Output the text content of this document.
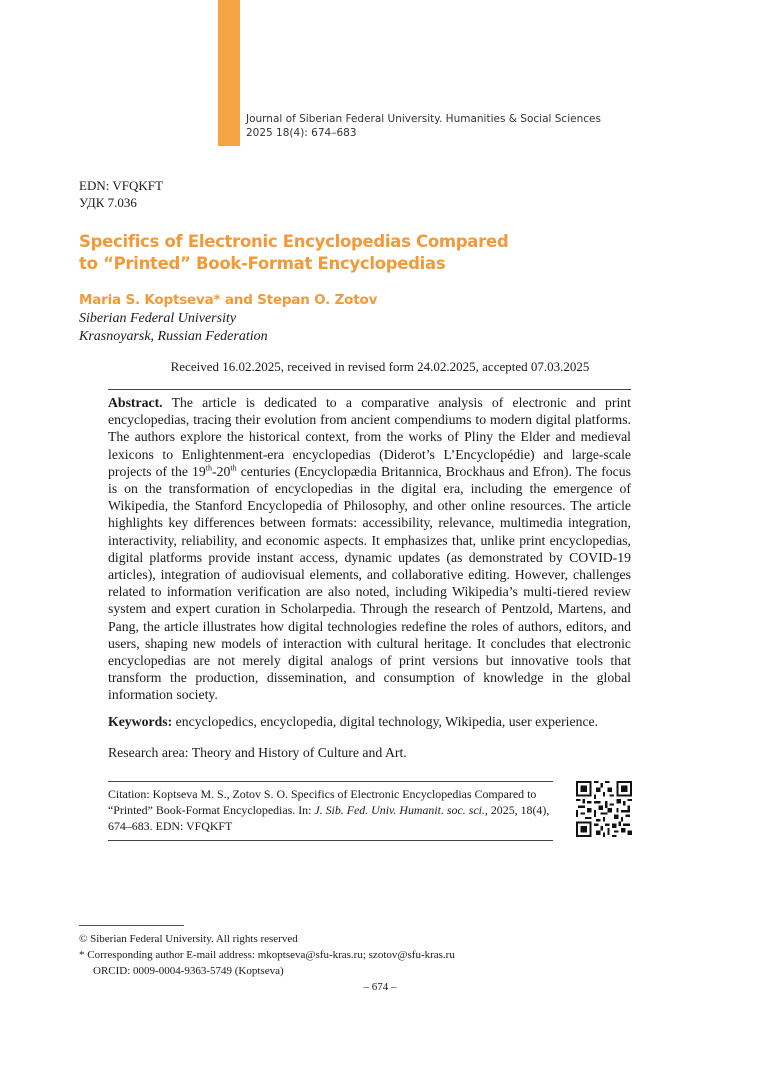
Journal of Siberian Federal University. Humanities & Social Sciences
2025 18(4): 674–683
EDN: VFQKFT
УДК 7.036
Specifics of Electronic Encyclopedias Compared
to “Printed” Book-Format Encyclopedias
Maria S. Koptseva* and Stepan O. Zotov
Siberian Federal University
Krasnoyarsk, Russian Federation
Received 16.02.2025, received in revised form 24.02.2025, accepted 07.03.2025
Abstract. The article is dedicated to a comparative analysis of electronic and print encyclopedias, tracing their evolution from ancient compendiums to modern digital platforms. The authors explore the historical context, from the works of Pliny the Elder and medieval lexicons to Enlightenment-era encyclopedias (Diderot’s L’Encyclopédie) and large-scale projects of the 19th-20th centuries (Encyclopædia Britannica, Brockhaus and Efron). The focus is on the transformation of encyclopedias in the digital era, including the emergence of Wikipedia, the Stanford Encyclopedia of Philosophy, and other online resources. The article highlights key differences between formats: accessibility, relevance, multimedia integration, interactivity, reliability, and economic aspects. It emphasizes that, unlike print encyclopedias, digital platforms provide instant access, dynamic updates (as demonstrated by COVID-19 articles), integration of audiovisual elements, and collaborative editing. However, challenges related to information verification are also noted, including Wikipedia’s multi-tiered review system and expert curation in Scholarpedia. Through the research of Pentzold, Martens, and Pang, the article illustrates how digital technologies redefine the roles of authors, editors, and users, shaping new models of interaction with cultural heritage. It concludes that electronic encyclopedias are not merely digital analogs of print versions but innovative tools that transform the production, dissemination, and consumption of knowledge in the global information society.
Keywords: encyclopedics, encyclopedia, digital technology, Wikipedia, user experience.
Research area: Theory and History of Culture and Art.
Citation: Koptseva M. S., Zotov S. O. Specifics of Electronic Encyclopedias Compared to “Printed” Book-Format Encyclopedias. In: J. Sib. Fed. Univ. Humanit. soc. sci., 2025, 18(4), 674–683. EDN: VFQKFT
© Siberian Federal University. All rights reserved
* Corresponding author E-mail address: mkoptseva@sfu-kras.ru; szotov@sfu-kras.ru
ORCID: 0009-0004-9363-5749 (Koptseva)
– 674 –
